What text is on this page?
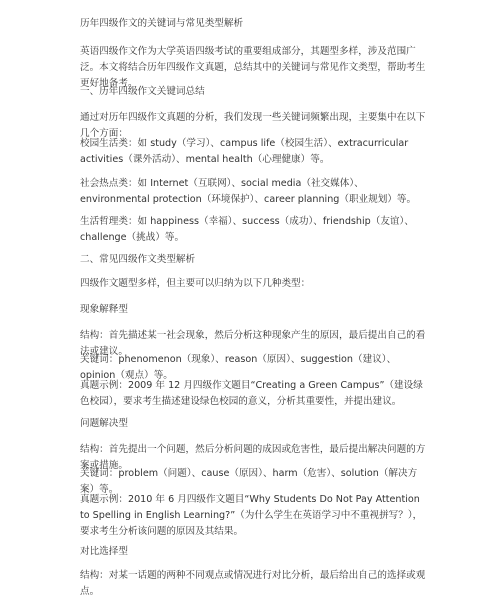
历年四级作文的关键词与常见类型解析

英语四级作文作为大学英语四级考试的重要组成部分，其题型多样，涉及范围广泛。本文将结合历年四级作文真题，总结其中的关键词与常见作文类型，帮助考生更好地备考。

一、历年四级作文关键词总结

通过对历年四级作文真题的分析，我们发现一些关键词频繁出现，主要集中在以下几个方面：

校园生活类：如 study（学习）、campus life（校园生活）、extracurricular activities（课外活动）、mental health（心理健康）等。

社会热点类：如 Internet（互联网）、social media（社交媒体）、environmental protection（环境保护）、career planning（职业规划）等。

生活哲理类：如 happiness（幸福）、success（成功）、friendship（友谊）、challenge（挑战）等。

二、常见四级作文类型解析

四级作文题型多样，但主要可以归纳为以下几种类型：

现象解释型

结构：首先描述某一社会现象，然后分析这种现象产生的原因，最后提出自己的看法或建议。

关键词：phenomenon（现象）、reason（原因）、suggestion（建议）、opinion（观点）等。

真题示例：2009 年 12 月四级作文题目“Creating a Green Campus”（建设绿色校园），要求考生描述建设绿色校园的意义，分析其重要性，并提出建议。

问题解决型

结构：首先提出一个问题，然后分析问题的成因或危害性，最后提出解决问题的方案或措施。

关键词：problem（问题）、cause（原因）、harm（危害）、solution（解决方案）等。

真题示例：2010 年 6 月四级作文题目“Why Students Do Not Pay Attention to Spelling in English Learning?”（为什么学生在英语学习中不重视拼写？），要求考生分析该问题的原因及其结果。

对比选择型

结构：对某一话题的两种不同观点或情况进行对比分析，最后给出自己的选择或观点。
